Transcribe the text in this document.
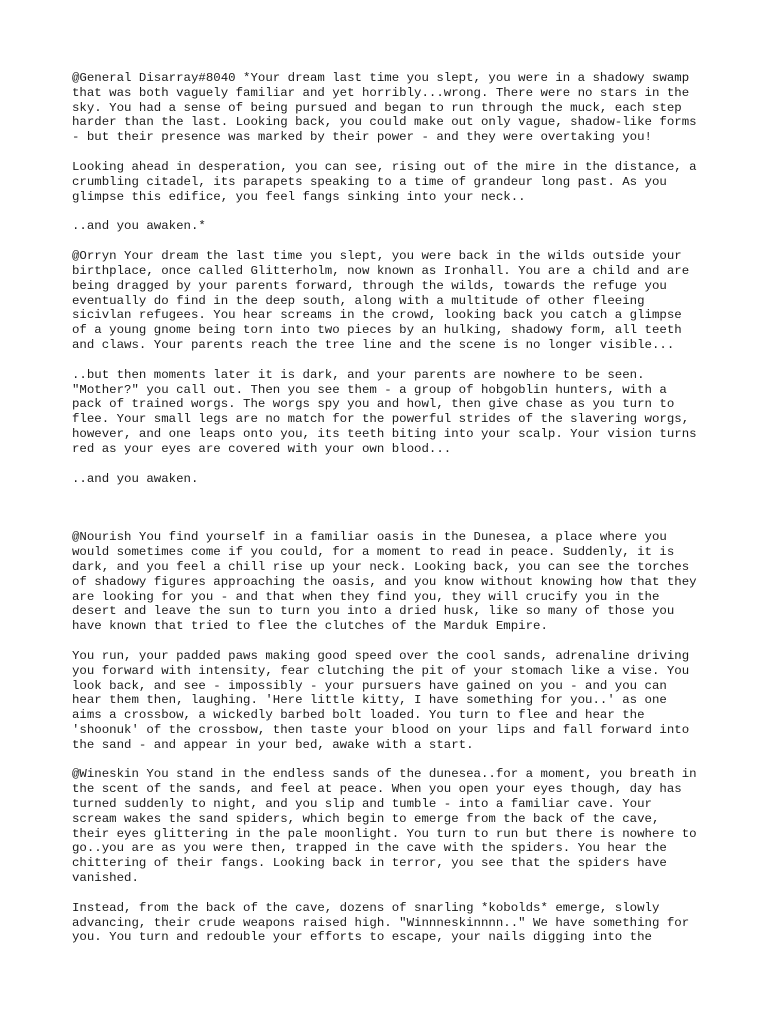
@General Disarray#8040 *Your dream last time you slept, you were in a shadowy swamp that was both vaguely familiar and yet horribly...wrong. There were no stars in the sky. You had a sense of being pursued and began to run through the muck, each step harder than the last. Looking back, you could make out only vague, shadow-like forms - but their presence was marked by their power - and they were overtaking you!

Looking ahead in desperation, you can see, rising out of the mire in the distance, a crumbling citadel, its parapets speaking to a time of grandeur long past. As you glimpse this edifice, you feel fangs sinking into your neck..

..and you awaken.*

@Orryn Your dream the last time you slept, you were back in the wilds outside your birthplace, once called Glitterholm, now known as Ironhall. You are a child and are being dragged by your parents forward, through the wilds, towards the refuge you eventually do find in the deep south, along with a multitude of other fleeing sicivlan refugees. You hear screams in the crowd, looking back you catch a glimpse of a young gnome being torn into two pieces by an hulking, shadowy form, all teeth and claws. Your parents reach the tree line and the scene is no longer visible...

..but then moments later it is dark, and your parents are nowhere to be seen. "Mother?" you call out. Then you see them - a group of hobgoblin hunters, with a pack of trained worgs. The worgs spy you and howl, then give chase as you turn to flee. Your small legs are no match for the powerful strides of the slavering worgs, however, and one leaps onto you, its teeth biting into your scalp. Your vision turns red as your eyes are covered with your own blood...

..and you awaken.

@Nourish You find yourself in a familiar oasis in the Dunesea, a place where you would sometimes come if you could, for a moment to read in peace. Suddenly, it is dark, and you feel a chill rise up your neck. Looking back, you can see the torches of shadowy figures approaching the oasis, and you know without knowing how that they are looking for you - and that when they find you, they will crucify you in the desert and leave the sun to turn you into a dried husk, like so many of those you have known that tried to flee the clutches of the Marduk Empire.

You run, your padded paws making good speed over the cool sands, adrenaline driving you forward with intensity, fear clutching the pit of your stomach like a vise. You look back, and see - impossibly - your pursuers have gained on you - and you can hear them then, laughing. 'Here little kitty, I have something for you..' as one aims a crossbow, a wickedly barbed bolt loaded. You turn to flee and hear the 'shoonuk' of the crossbow, then taste your blood on your lips and fall forward into the sand - and appear in your bed, awake with a start.

@Wineskin You stand in the endless sands of the dunesea..for a moment, you breath in the scent of the sands, and feel at peace. When you open your eyes though, day has turned suddenly to night, and you slip and tumble - into a familiar cave. Your scream wakes the sand spiders, which begin to emerge from the back of the cave, their eyes glittering in the pale moonlight. You turn to run but there is nowhere to go..you are as you were then, trapped in the cave with the spiders. You hear the chittering of their fangs. Looking back in terror, you see that the spiders have vanished.

Instead, from the back of the cave, dozens of snarling *kobolds* emerge, slowly advancing, their crude weapons raised high. "Winnneskinnnn.." We have something for you. You turn and redouble your efforts to escape, your nails digging into the
